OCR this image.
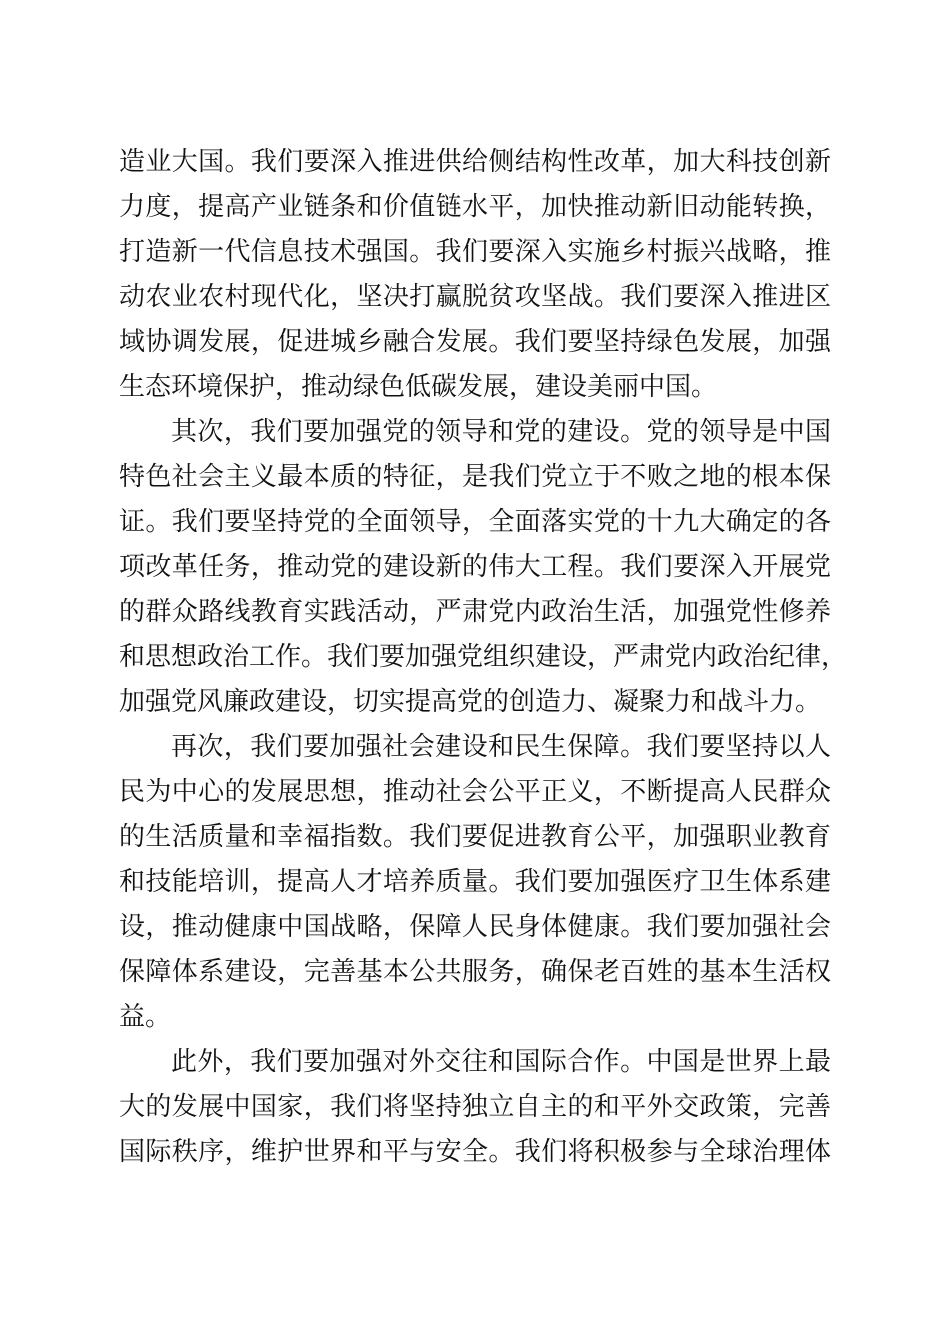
造业大国。我们要深入推进供给侧结构性改革，加大科技创新
力度，提高产业链条和价值链水平，加快推动新旧动能转换，
打造新一代信息技术强国。我们要深入实施乡村振兴战略，推
动农业农村现代化，坚决打赢脱贫攻坚战。我们要深入推进区
域协调发展，促进城乡融合发展。我们要坚持绿色发展，加强
生态环境保护，推动绿色低碳发展，建设美丽中国。
其次，我们要加强党的领导和党的建设。党的领导是中国
特色社会主义最本质的特征，是我们党立于不败之地的根本保
证。我们要坚持党的全面领导，全面落实党的十九大确定的各
项改革任务，推动党的建设新的伟大工程。我们要深入开展党
的群众路线教育实践活动，严肃党内政治生活，加强党性修养
和思想政治工作。我们要加强党组织建设，严肃党内政治纪律，
加强党风廉政建设，切实提高党的创造力、凝聚力和战斗力。
再次，我们要加强社会建设和民生保障。我们要坚持以人
民为中心的发展思想，推动社会公平正义，不断提高人民群众
的生活质量和幸福指数。我们要促进教育公平，加强职业教育
和技能培训，提高人才培养质量。我们要加强医疗卫生体系建
设，推动健康中国战略，保障人民身体健康。我们要加强社会
保障体系建设，完善基本公共服务，确保老百姓的基本生活权
益。
此外，我们要加强对外交往和国际合作。中国是世界上最
大的发展中国家，我们将坚持独立自主的和平外交政策，完善
国际秩序，维护世界和平与安全。我们将积极参与全球治理体
